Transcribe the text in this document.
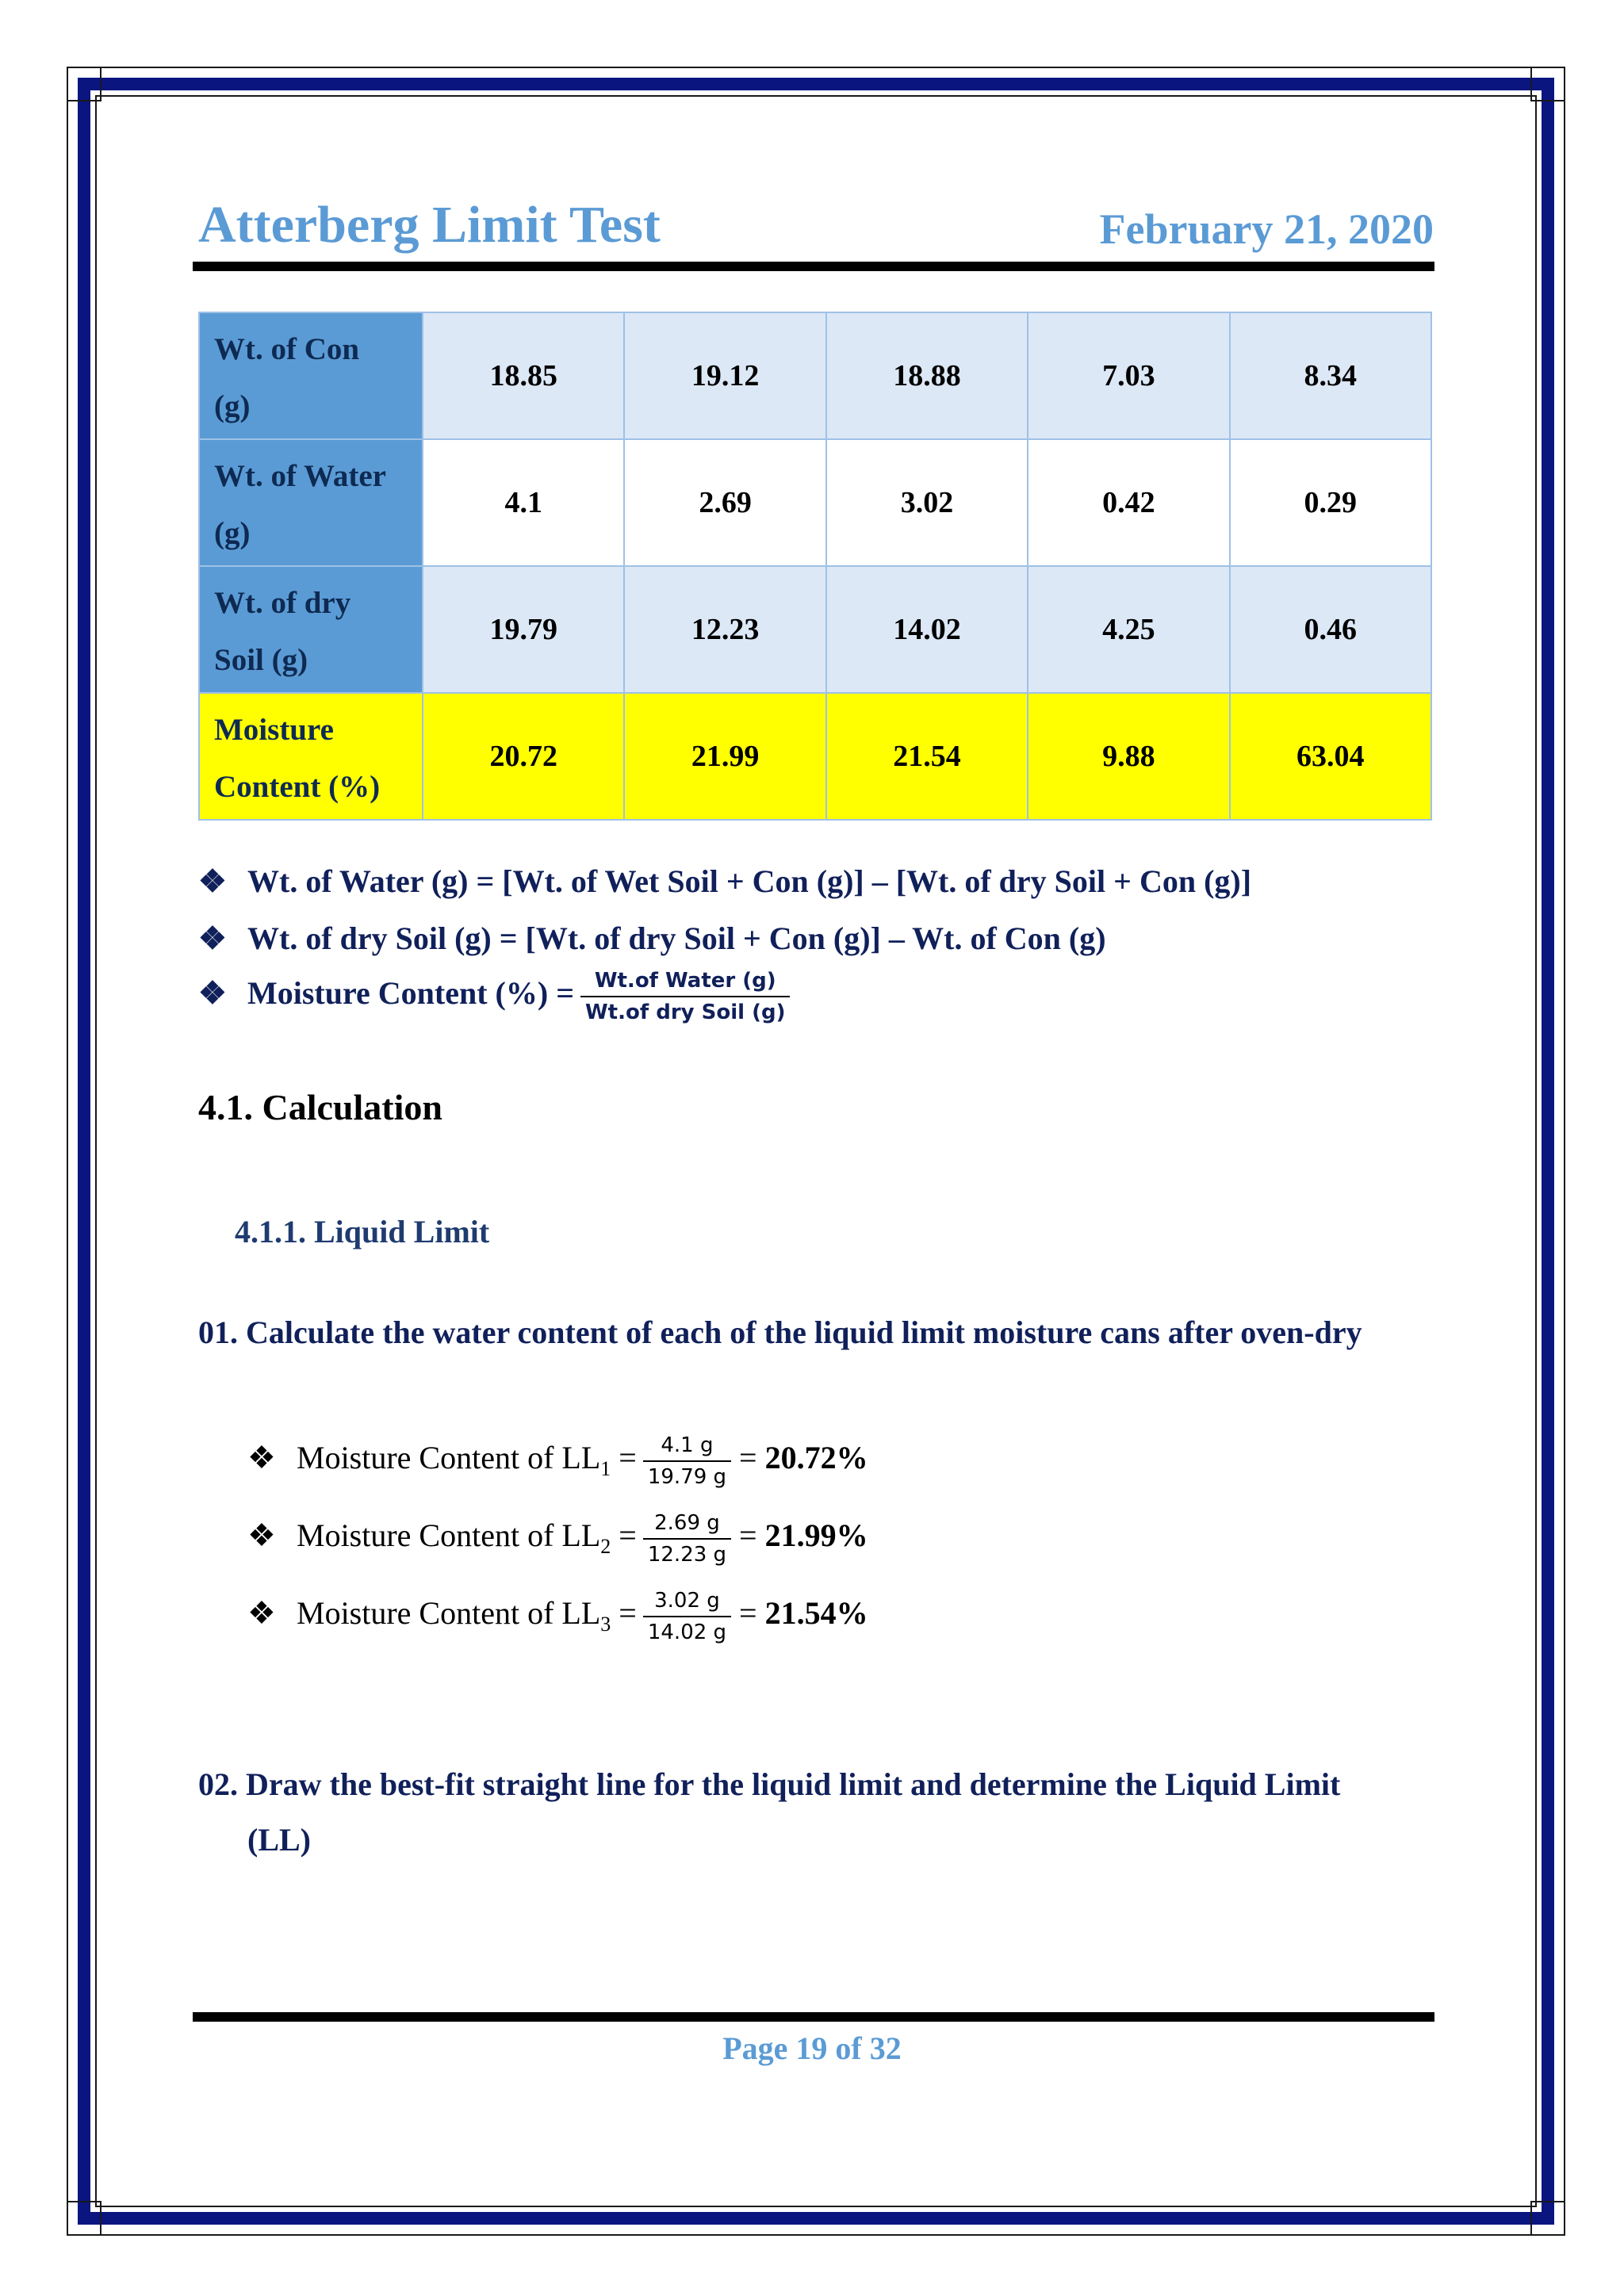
Atterberg Limit Test	February 21, 2020
Wt. of Con
(g)	18.85	19.12	18.88	7.03	8.34
Wt. of Water
(g)	4.1	2.69	3.02	0.42	0.29
Wt. of dry
Soil (g)	19.79	12.23	14.02	4.25	0.46
Moisture
Content (%)	20.72	21.99	21.54	9.88	63.04
❖ Wt. of Water (g) = [Wt. of Wet Soil + Con (g)] – [Wt. of dry Soil + Con (g)]
❖ Wt. of dry Soil (g) = [Wt. of dry Soil + Con (g)] – Wt. of Con (g)
❖ Moisture Content (%) = $\frac{\text{Wt.of Water (g)}}{\text{Wt.of dry Soil (g)}}$
4.1. Calculation
4.1.1. Liquid Limit
01. Calculate the water content of each of the liquid limit moisture cans after oven-dry
❖ Moisture Content of $LL_1 = \frac{4.1 g}{19.79 g} = 20.72\%$
❖ Moisture Content of $LL_2 = \frac{2.69 g}{12.23 g} = 21.99\%$
❖ Moisture Content of $LL_3 = \frac{3.02 g}{14.02 g} = 21.54\%$
02. Draw the best-fit straight line for the liquid limit and determine the Liquid Limit
(LL)
Page 19 of 32
